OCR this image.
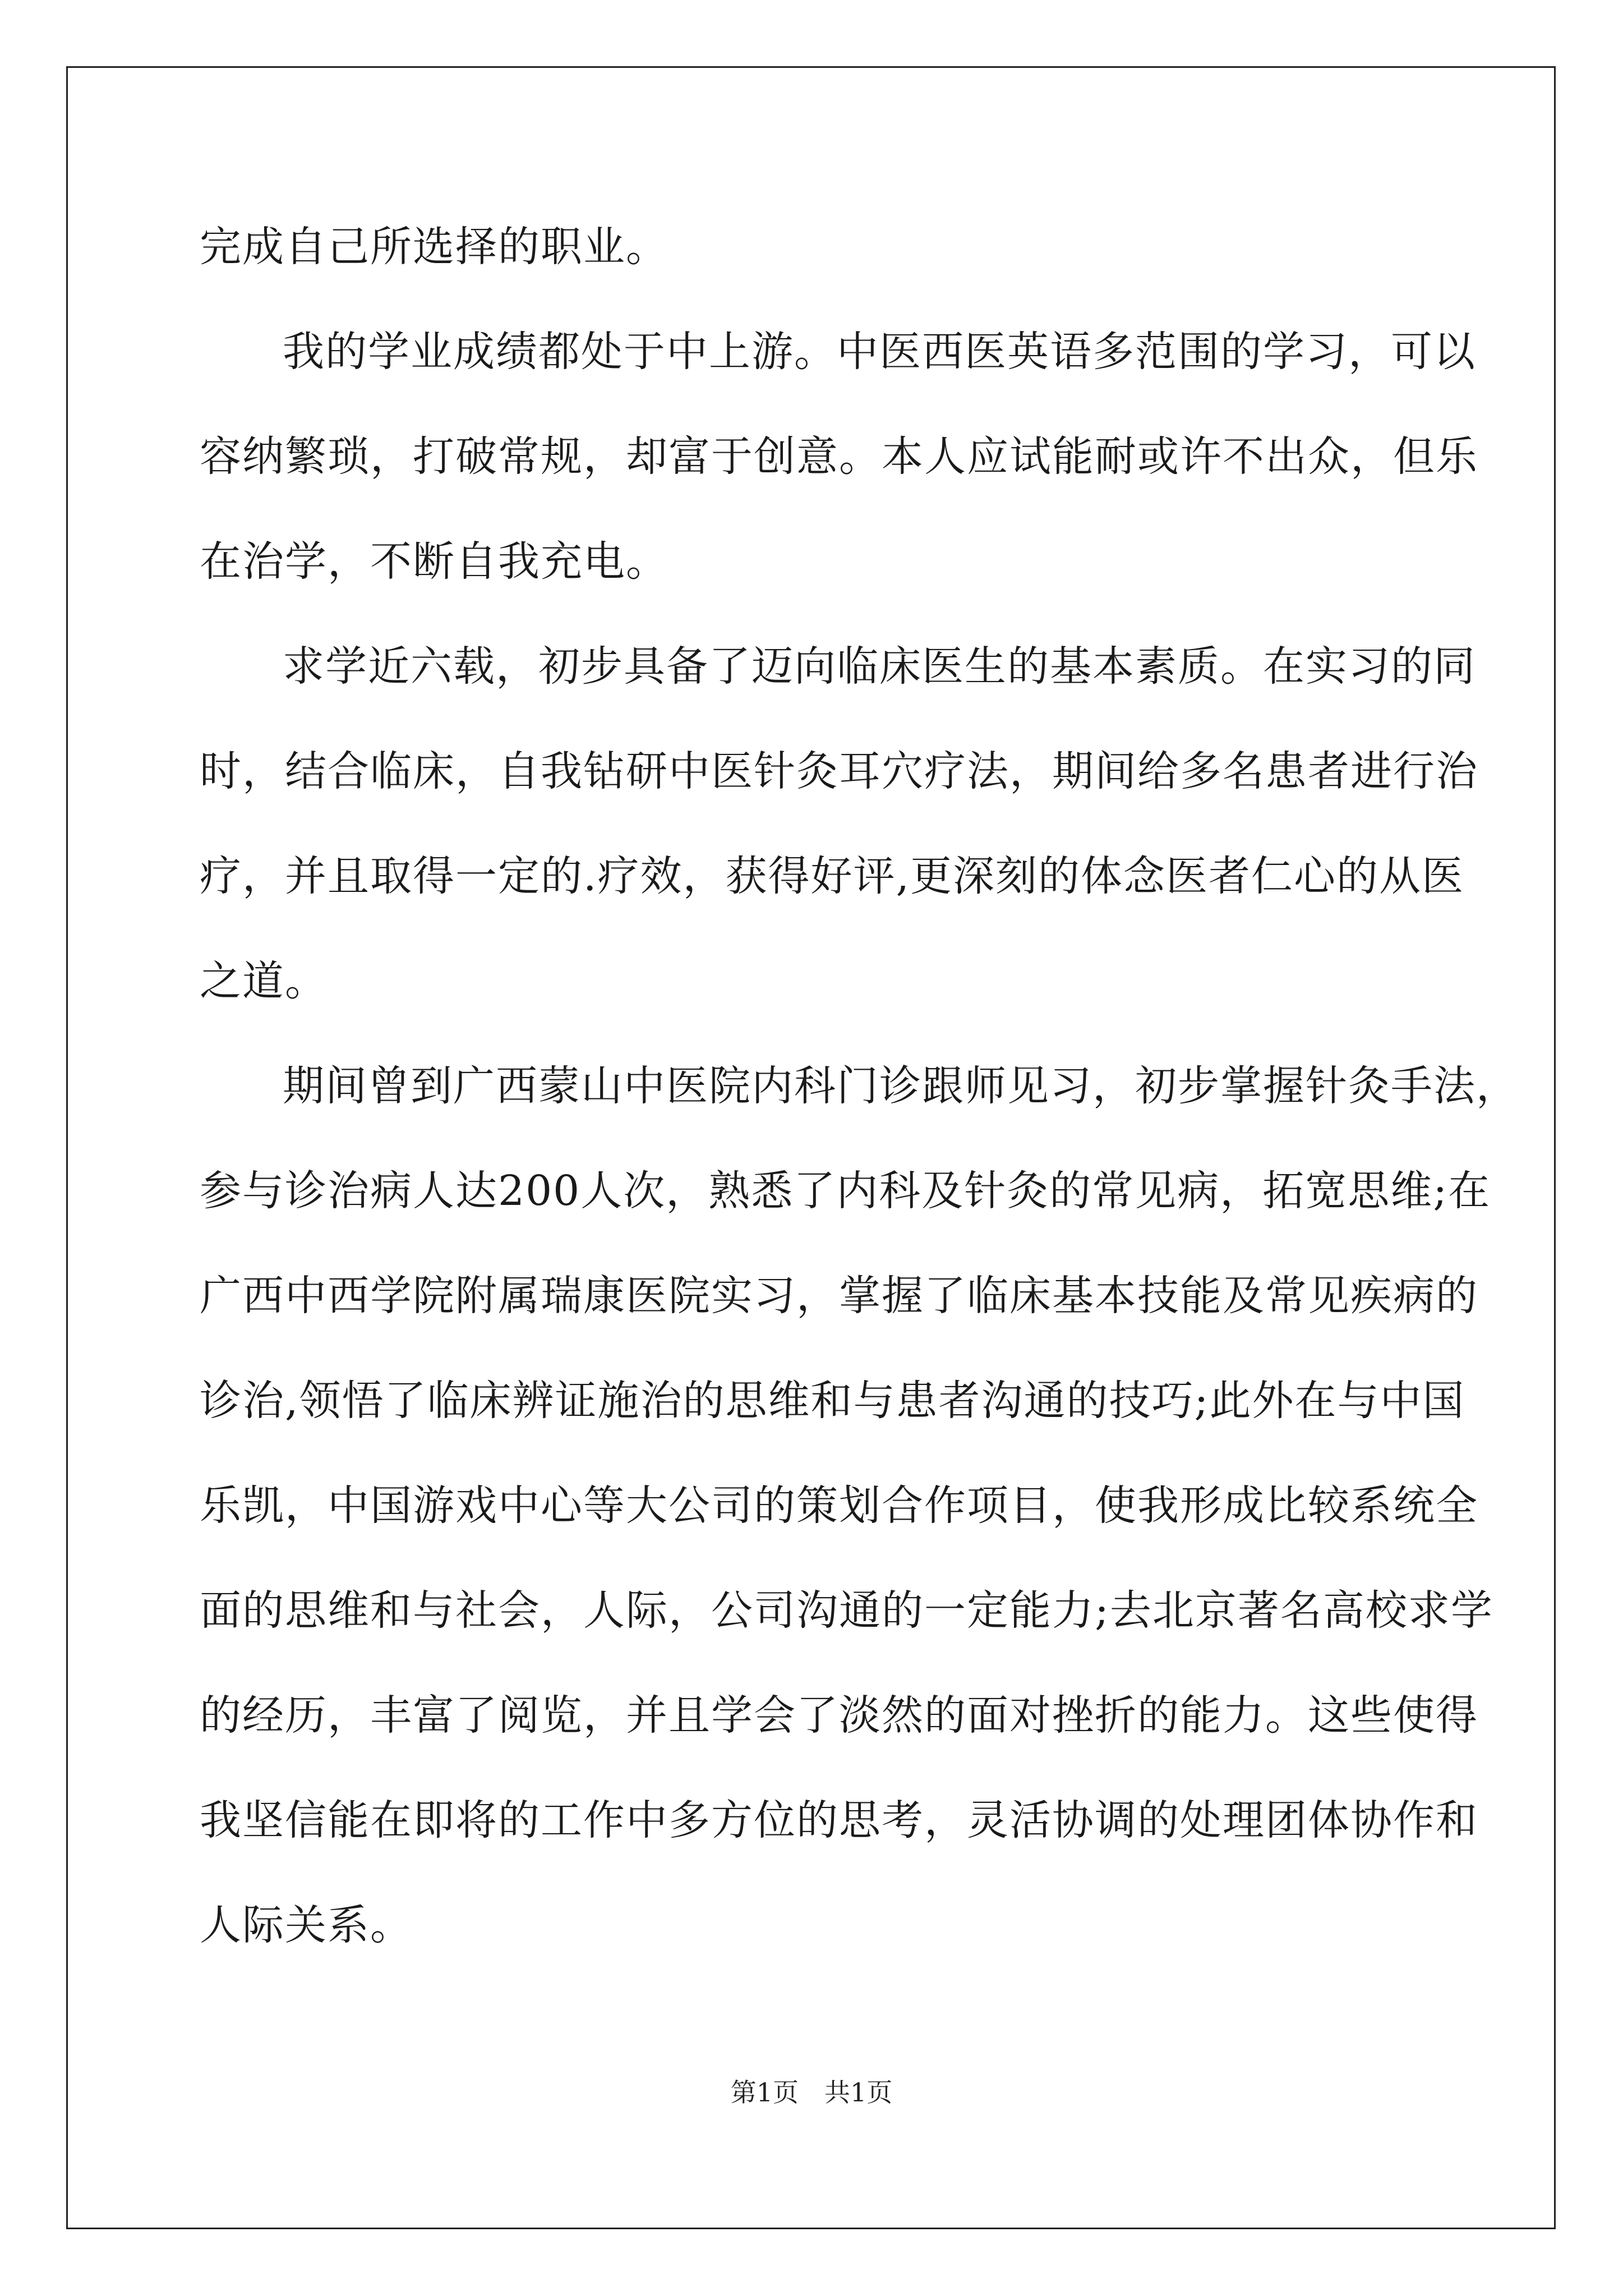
完成自己所选择的职业。
我的学业成绩都处于中上游。中医西医英语多范围的学习，可以
容纳繁琐，打破常规，却富于创意。本人应试能耐或许不出众，但乐
在治学，不断自我充电。
求学近六载，初步具备了迈向临床医生的基本素质。在实习的同
时，结合临床，自我钻研中医针灸耳穴疗法，期间给多名患者进行治
疗，并且取得一定的.疗效，获得好评,更深刻的体念医者仁心的从医
之道。
期间曾到广西蒙山中医院内科门诊跟师见习，初步掌握针灸手法，
参与诊治病人达200人次，熟悉了内科及针灸的常见病，拓宽思维;在
广西中西学院附属瑞康医院实习，掌握了临床基本技能及常见疾病的
诊治,领悟了临床辨证施治的思维和与患者沟通的技巧;此外在与中国
乐凯，中国游戏中心等大公司的策划合作项目，使我形成比较系统全
面的思维和与社会，人际，公司沟通的一定能力;去北京著名高校求学
的经历，丰富了阅览，并且学会了淡然的面对挫折的能力。这些使得
我坚信能在即将的工作中多方位的思考，灵活协调的处理团体协作和
人际关系。
第1页 共1页
